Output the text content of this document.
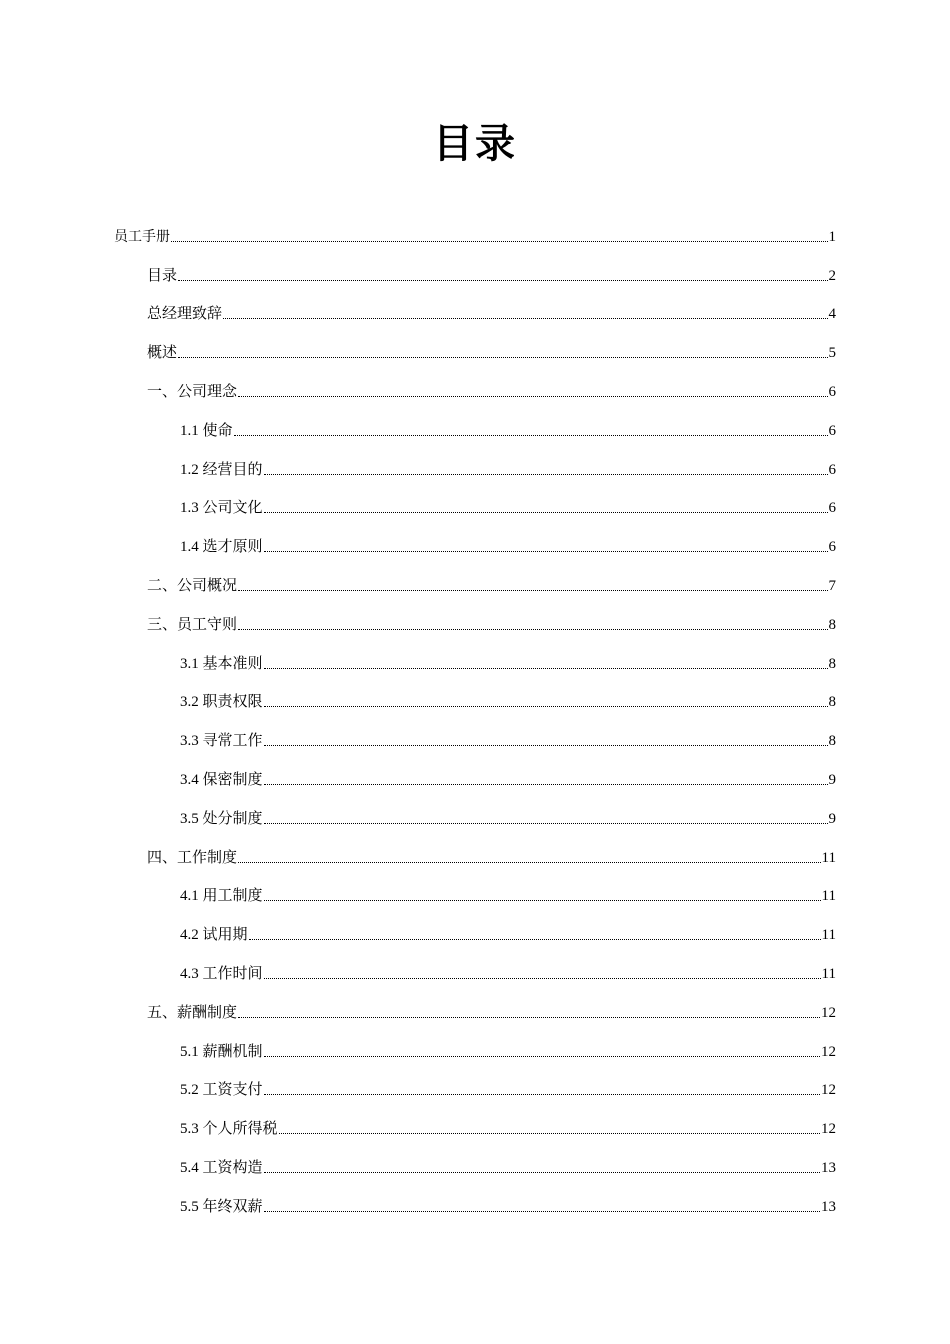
目录
员工手册	1
目录	2
总经理致辞	4
概述	5
一、公司理念	6
1.1 使命	6
1.2 经营目的	6
1.3 公司文化	6
1.4 选才原则	6
二、公司概况	7
三、员工守则	8
3.1 基本准则	8
3.2 职责权限	8
3.3 寻常工作	8
3.4 保密制度	9
3.5 处分制度	9
四、工作制度	11
4.1 用工制度	11
4.2 试用期	11
4.3 工作时间	11
五、薪酬制度	12
5.1 薪酬机制	12
5.2 工资支付	12
5.3 个人所得税	12
5.4 工资构造	13
5.5 年终双薪	13
